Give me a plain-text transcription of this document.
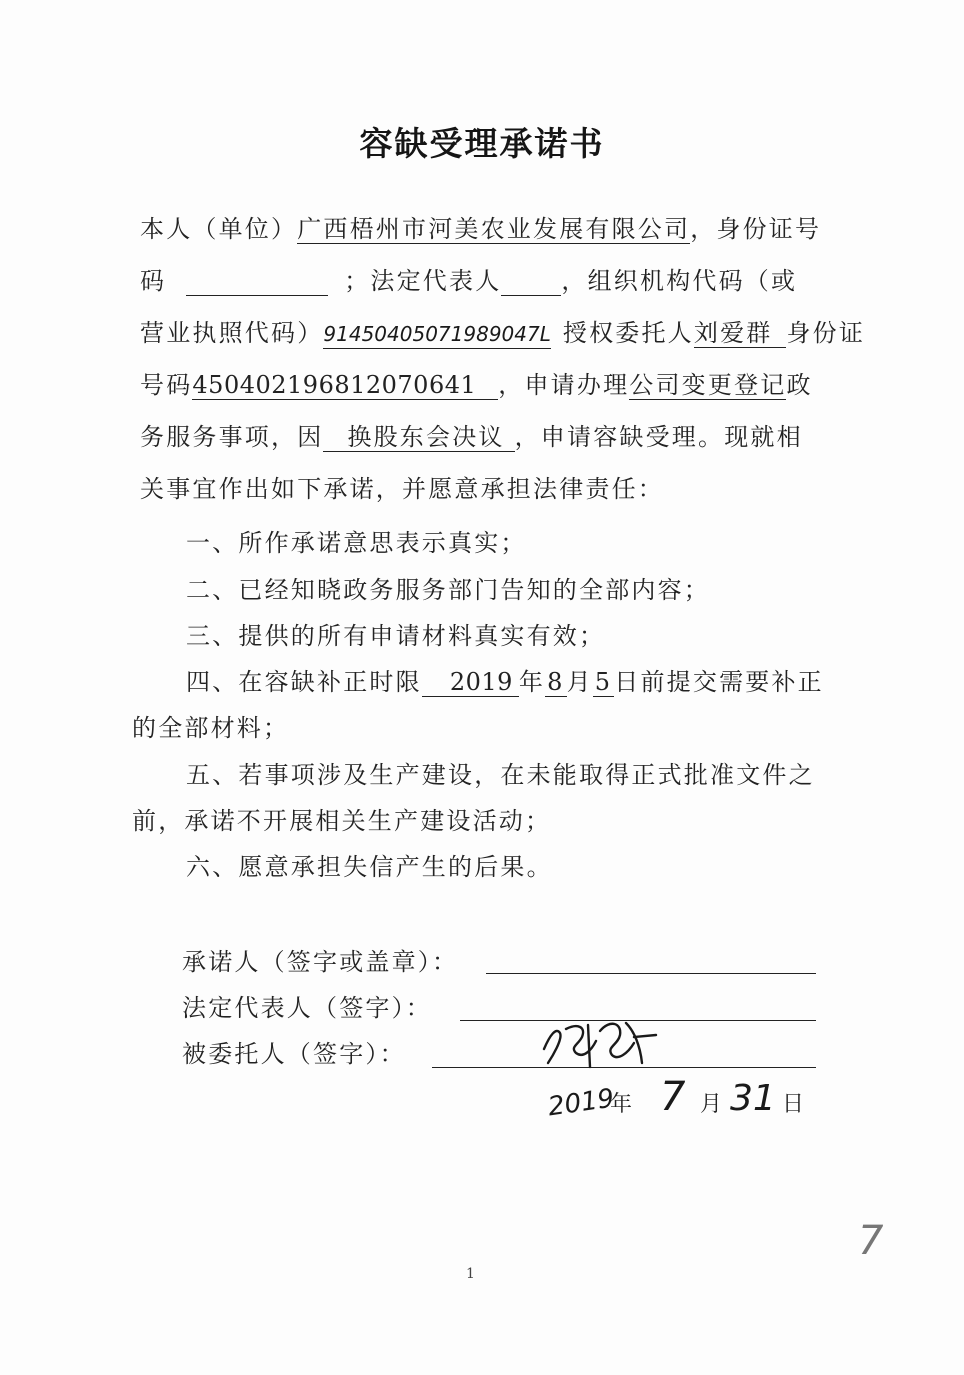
容缺受理承诺书
本人（单位）广西梧州市河美农业发展有限公司，身份证号
码	；法定代表人	，组织机构代码（或
营业执照代码）91450405071989047L 授权委托人刘爱群 身份证
号码450402196812070641 ，申请办理公司变更登记政
务服务事项，因 换股东会决议 ，申请容缺受理。现就相
关事宜作出如下承诺，并愿意承担法律责任：
一、所作承诺意思表示真实；
二、已经知晓政务服务部门告知的全部内容；
三、提供的所有申请材料真实有效；
四、在容缺补正时限 2019 年8月5日前提交需要补正
的全部材料；
五、若事项涉及生产建设，在未能取得正式批准文件之
前，承诺不开展相关生产建设活动；
六、愿意承担失信产生的后果。
承诺人（签字或盖章）：
法定代表人（签字）：
被委托人（签字）：
2019
年 7 月 31 日
7
1
